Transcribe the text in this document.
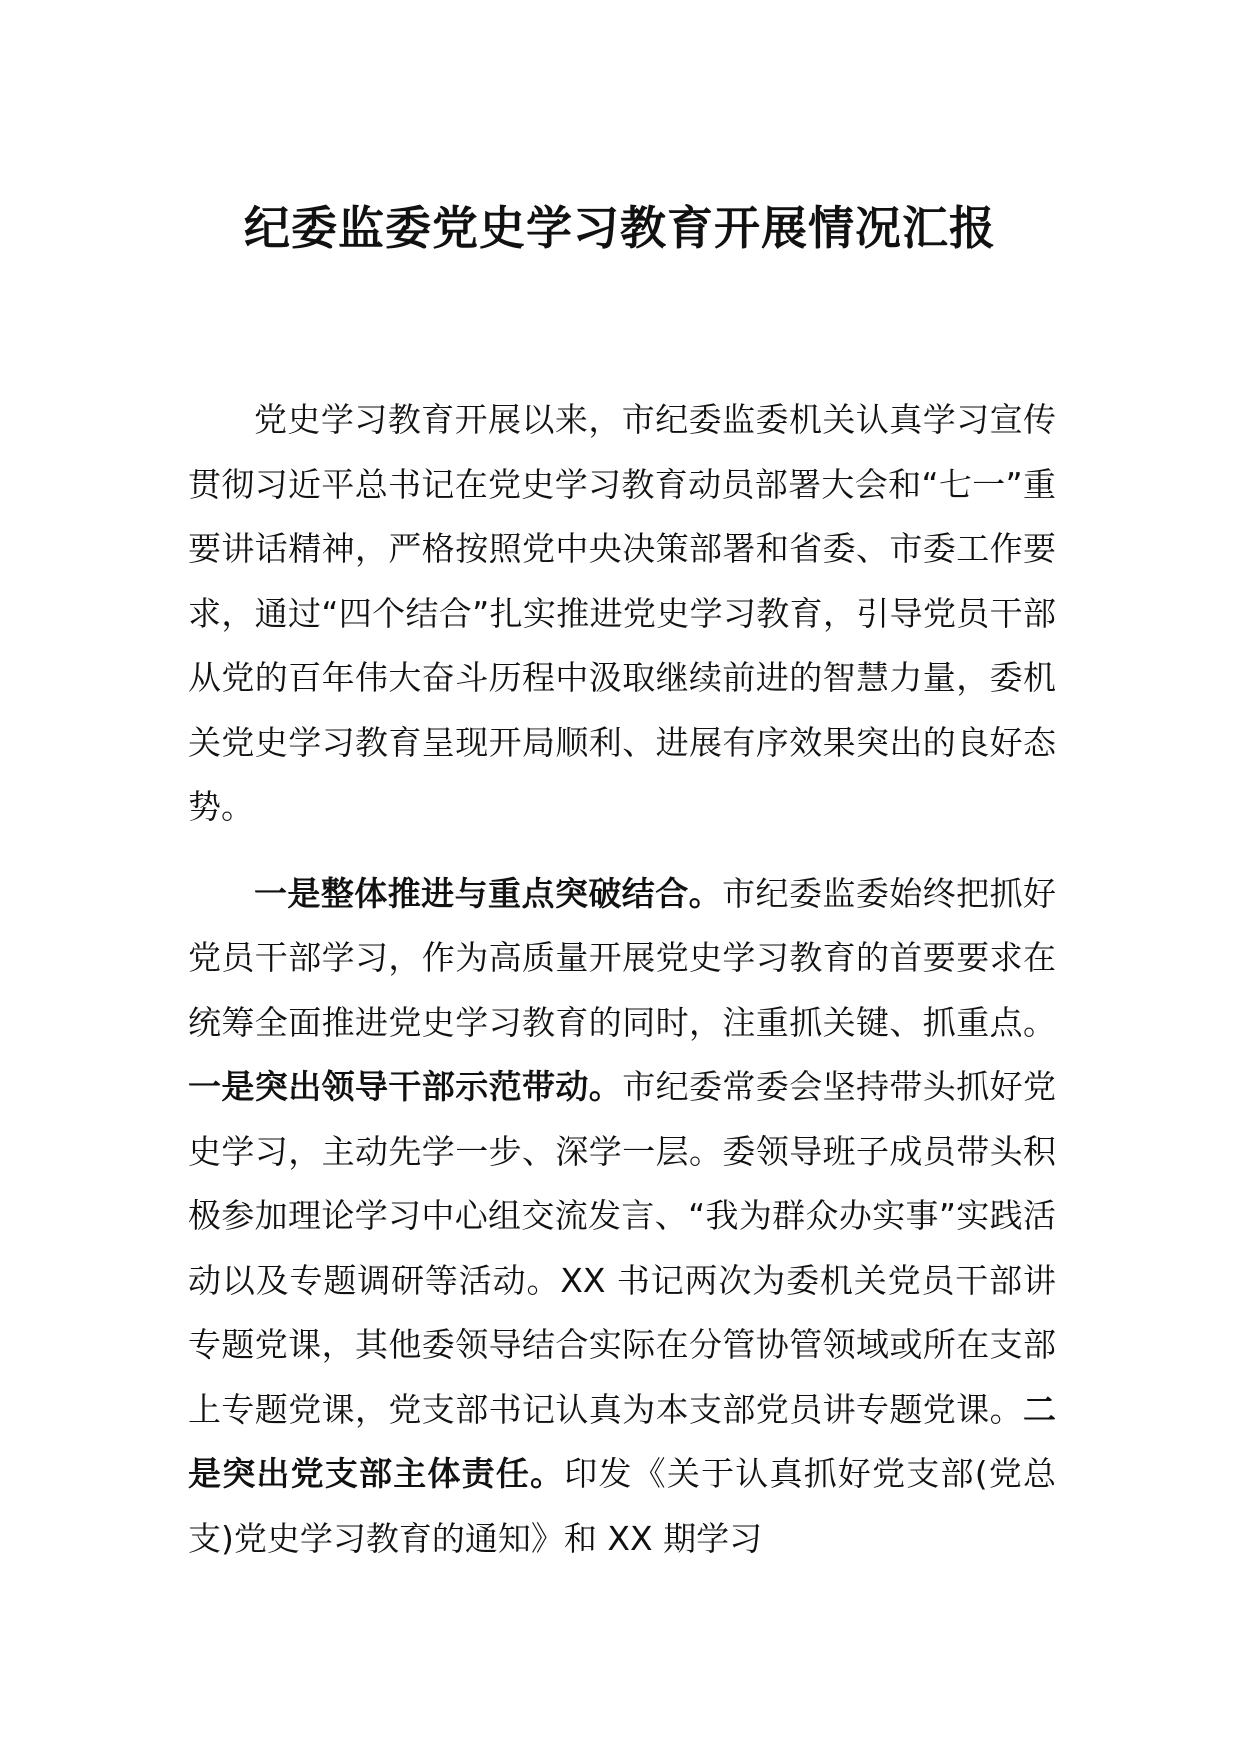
纪委监委党史学习教育开展情况汇报

党史学习教育开展以来，市纪委监委机关认真学习宣传贯彻习近平总书记在党史学习教育动员部署大会和“七一”重要讲话精神，严格按照党中央决策部署和省委、市委工作要求，通过“四个结合”扎实推进党史学习教育，引导党员干部从党的百年伟大奋斗历程中汲取继续前进的智慧力量，委机关党史学习教育呈现开局顺利、进展有序效果突出的良好态势。

一是整体推进与重点突破结合。市纪委监委始终把抓好党员干部学习，作为高质量开展党史学习教育的首要要求在统筹全面推进党史学习教育的同时，注重抓关键、抓重点。一是突出领导干部示范带动。市纪委常委会坚持带头抓好党史学习，主动先学一步、深学一层。委领导班子成员带头积极参加理论学习中心组交流发言、“我为群众办实事”实践活动以及专题调研等活动。XX 书记两次为委机关党员干部讲专题党课，其他委领导结合实际在分管协管领域或所在支部上专题党课，党支部书记认真为本支部党员讲专题党课。二是突出党支部主体责任。印发《关于认真抓好党支部(党总支)党史学习教育的通知》和 XX 期学习
